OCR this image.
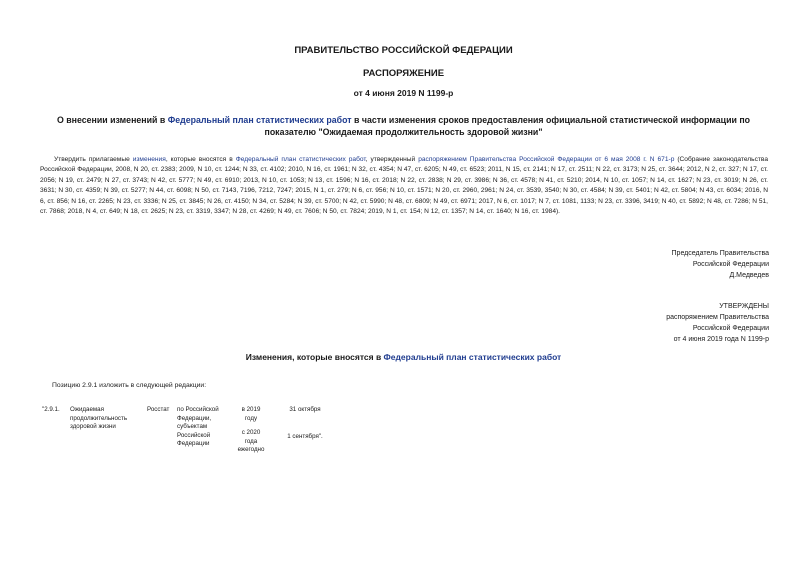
ПРАВИТЕЛЬСТВО РОССИЙСКОЙ ФЕДЕРАЦИИ
РАСПОРЯЖЕНИЕ
от 4 июня 2019 N 1199-р
О внесении изменений в Федеральный план статистических работ в части изменения сроков предоставления официальной статистической информации по показателю "Ожидаемая продолжительность здоровой жизни"
Утвердить прилагаемые изменения, которые вносятся в Федеральный план статистических работ, утвержденный распоряжением Правительства Российской Федерации от 6 мая 2008 г. N 671-р (Собрание законодательства Российской Федерации, 2008, N 20, ст. 2383; 2009, N 10, ст. 1244; N 33, ст. 4102; 2010, N 16, ст. 1961; N 32, ст. 4354; N 47, ст. 6205; N 49, ст. 6523; 2011, N 15, ст. 2141; N 17, ст. 2511; N 22, ст. 3173; N 25, ст. 3644; 2012, N 2, ст. 327; N 17, ст. 2056; N 19, ст. 2479; N 27, ст. 3743; N 42, ст. 5777; N 49, ст. 6910; 2013, N 10, ст. 1053; N 13, ст. 1596; N 16, ст. 2018; N 22, ст. 2838; N 29, ст. 3986; N 36, ст. 4578; N 41, ст. 5210; 2014, N 10, ст. 1057; N 14, ст. 1627; N 23, ст. 3019; N 26, ст. 3631; N 30, ст. 4359; N 39, ст. 5277; N 44, ст. 6098; N 50, ст. 7143, 7196, 7212, 7247; 2015, N 1, ст. 279; N 6, ст. 956; N 10, ст. 1571; N 20, ст. 2960, 2961; N 24, ст. 3539, 3540; N 30, ст. 4584; N 39, ст. 5401; N 42, ст. 5804; N 43, ст. 6034; 2016, N 6, ст. 856; N 16, ст. 2265; N 23, ст. 3336; N 25, ст. 3845; N 26, ст. 4150; N 34, ст. 5284; N 39, ст. 5700; N 42, ст. 5990; N 48, ст. 6809; N 49, ст. 6971; 2017, N 6, ст. 1017; N 7, ст. 1081, 1133; N 23, ст. 3396, 3419; N 40, ст. 5892; N 48, ст. 7286; N 51, ст. 7868; 2018, N 4, ст. 649; N 18, ст. 2625; N 23, ст. 3319, 3347; N 28, ст. 4269; N 49, ст. 7606; N 50, ст. 7824; 2019, N 1, ст. 154; N 12, ст. 1357; N 14, ст. 1640; N 16, ст. 1984).
Председатель Правительства
Российской Федерации
Д.Медведев
УТВЕРЖДЕНЫ
распоряжением Правительства
Российской Федерации
от 4 июня 2019 года N 1199-р
Изменения, которые вносятся в Федеральный план статистических работ
Позицию 2.9.1 изложить в следующей редакции:
"2.9.1. Ожидаемая
продолжительность
здоровой жизни
Росстат по Российской
Федерации,
субъектам
Российской
Федерации
в 2019
году
с 2020
года
ежегодно
31 октября
1 сентября".
